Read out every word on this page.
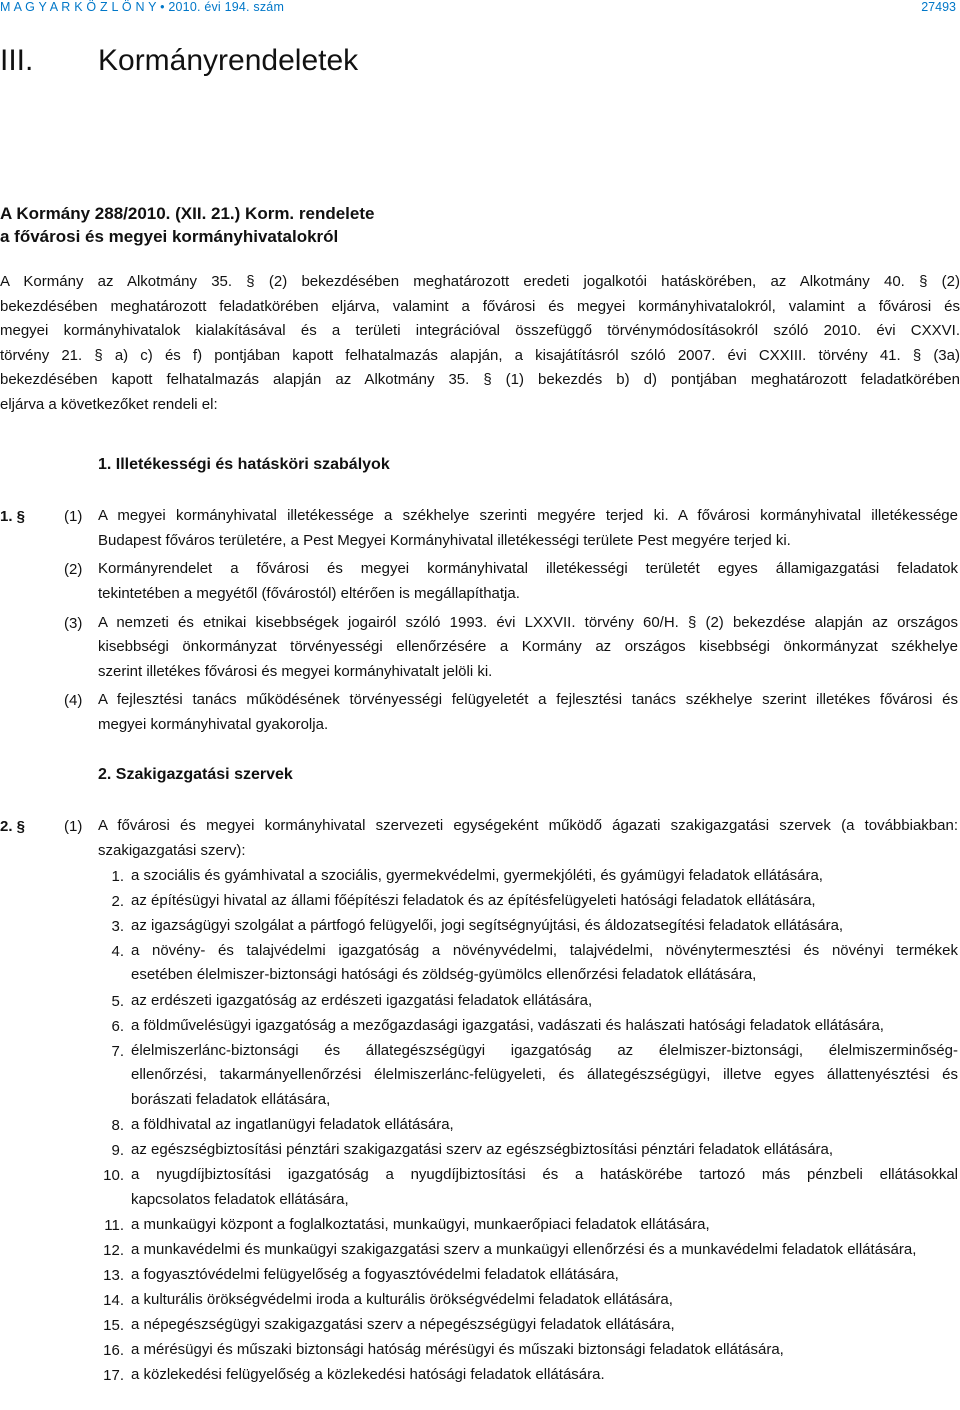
M A G Y A R K Ö Z L Ö N Y • 2010. évi 194. szám	27493
III. Kormányrendeletek
A Kormány 288/2010. (XII. 21.) Korm. rendelete
a fővárosi és megyei kormányhivatalokról
A Kormány az Alkotmány 35. § (2) bekezdésében meghatározott eredeti jogalkotói hatáskörében, az Alkotmány 40. § (2)
bekezdésében meghatározott feladatkörében eljárva, valamint a fővárosi és megyei kormányhivatalokról, valamint a fővárosi és
megyei kormányhivatalok kialakításával és a területi integrációval összefüggő törvénymódosításokról szóló 2010. évi CXXVI.
törvény 21. § a) c) és f) pontjában kapott felhatalmazás alapján, a kisajátításról szóló 2007. évi CXXIII. törvény 41. § (3a)
bekezdésében kapott felhatalmazás alapján az Alkotmány 35. § (1) bekezdés b) d) pontjában meghatározott feladatkörében
eljárva a következőket rendeli el:
1. Illetékességi és hatásköri szabályok
1. §	(1) A megyei kormányhivatal illetékessége a székhelye szerinti megyére terjed ki. A fővárosi kormányhivatal illetékessége
Budapest főváros területére, a Pest Megyei Kormányhivatal illetékességi területe Pest megyére terjed ki.
(2) Kormányrendelet a fővárosi és megyei kormányhivatal illetékességi területét egyes államigazgatási feladatok
tekintetében a megyétől (fővárostól) eltérően is megállapíthatja.
(3) A nemzeti és etnikai kisebbségek jogairól szóló 1993. évi LXXVII. törvény 60/H. § (2) bekezdése alapján az országos
kisebbségi önkormányzat törvényességi ellenőrzésére a Kormány az országos kisebbségi önkormányzat székhelye
szerint illetékes fővárosi és megyei kormányhivatalt jelöli ki.
(4) A fejlesztési tanács működésének törvényességi felügyeletét a fejlesztési tanács székhelye szerint illetékes fővárosi és
megyei kormányhivatal gyakorolja.
2. Szakigazgatási szervek
2. §	(1) A fővárosi és megyei kormányhivatal szervezeti egységeként működő ágazati szakigazgatási szervek (a továbbiakban:
szakigazgatási szerv):
1. a szociális és gyámhivatal a szociális, gyermekvédelmi, gyermekjóléti, és gyámügyi feladatok ellátására,
2. az építésügyi hivatal az állami főépítészi feladatok és az építésfelügyeleti hatósági feladatok ellátására,
3. az igazságügyi szolgálat a pártfogó felügyelői, jogi segítségnyújtási, és áldozatsegítési feladatok ellátására,
4. a növény- és talajvédelmi igazgatóság a növényvédelmi, talajvédelmi, növénytermesztési és növényi termékek
esetében élelmiszer-biztonsági hatósági és zöldség-gyümölcs ellenőrzési feladatok ellátására,
5. az erdészeti igazgatóság az erdészeti igazgatási feladatok ellátására,
6. a földművelésügyi igazgatóság a mezőgazdasági igazgatási, vadászati és halászati hatósági feladatok ellátására,
7. élelmiszerlánc-biztonsági és állategészségügyi igazgatóság az élelmiszer-biztonsági, élelmiszerminőség-
ellenőrzési, takarmányellenőrzési élelmiszerlánc-felügyeleti, és állategészségügyi, illetve egyes állattenyésztési és
borászati feladatok ellátására,
8. a földhivatal az ingatlanügyi feladatok ellátására,
9. az egészségbiztosítási pénztári szakigazgatási szerv az egészségbiztosítási pénztári feladatok ellátására,
10. a nyugdíjbiztosítási igazgatóság a nyugdíjbiztosítási és a hatáskörébe tartozó más pénzbeli ellátásokkal
kapcsolatos feladatok ellátására,
11. a munkaügyi központ a foglalkoztatási, munkaügyi, munkaerőpiaci feladatok ellátására,
12. a munkavédelmi és munkaügyi szakigazgatási szerv a munkaügyi ellenőrzési és a munkavédelmi feladatok ellátására,
13. a fogyasztóvédelmi felügyelőség a fogyasztóvédelmi feladatok ellátására,
14. a kulturális örökségvédelmi iroda a kulturális örökségvédelmi feladatok ellátására,
15. a népegészségügyi szakigazgatási szerv a népegészségügyi feladatok ellátására,
16. a mérésügyi és műszaki biztonsági hatóság mérésügyi és műszaki biztonsági feladatok ellátására,
17. a közlekedési felügyelőség a közlekedési hatósági feladatok ellátására.
